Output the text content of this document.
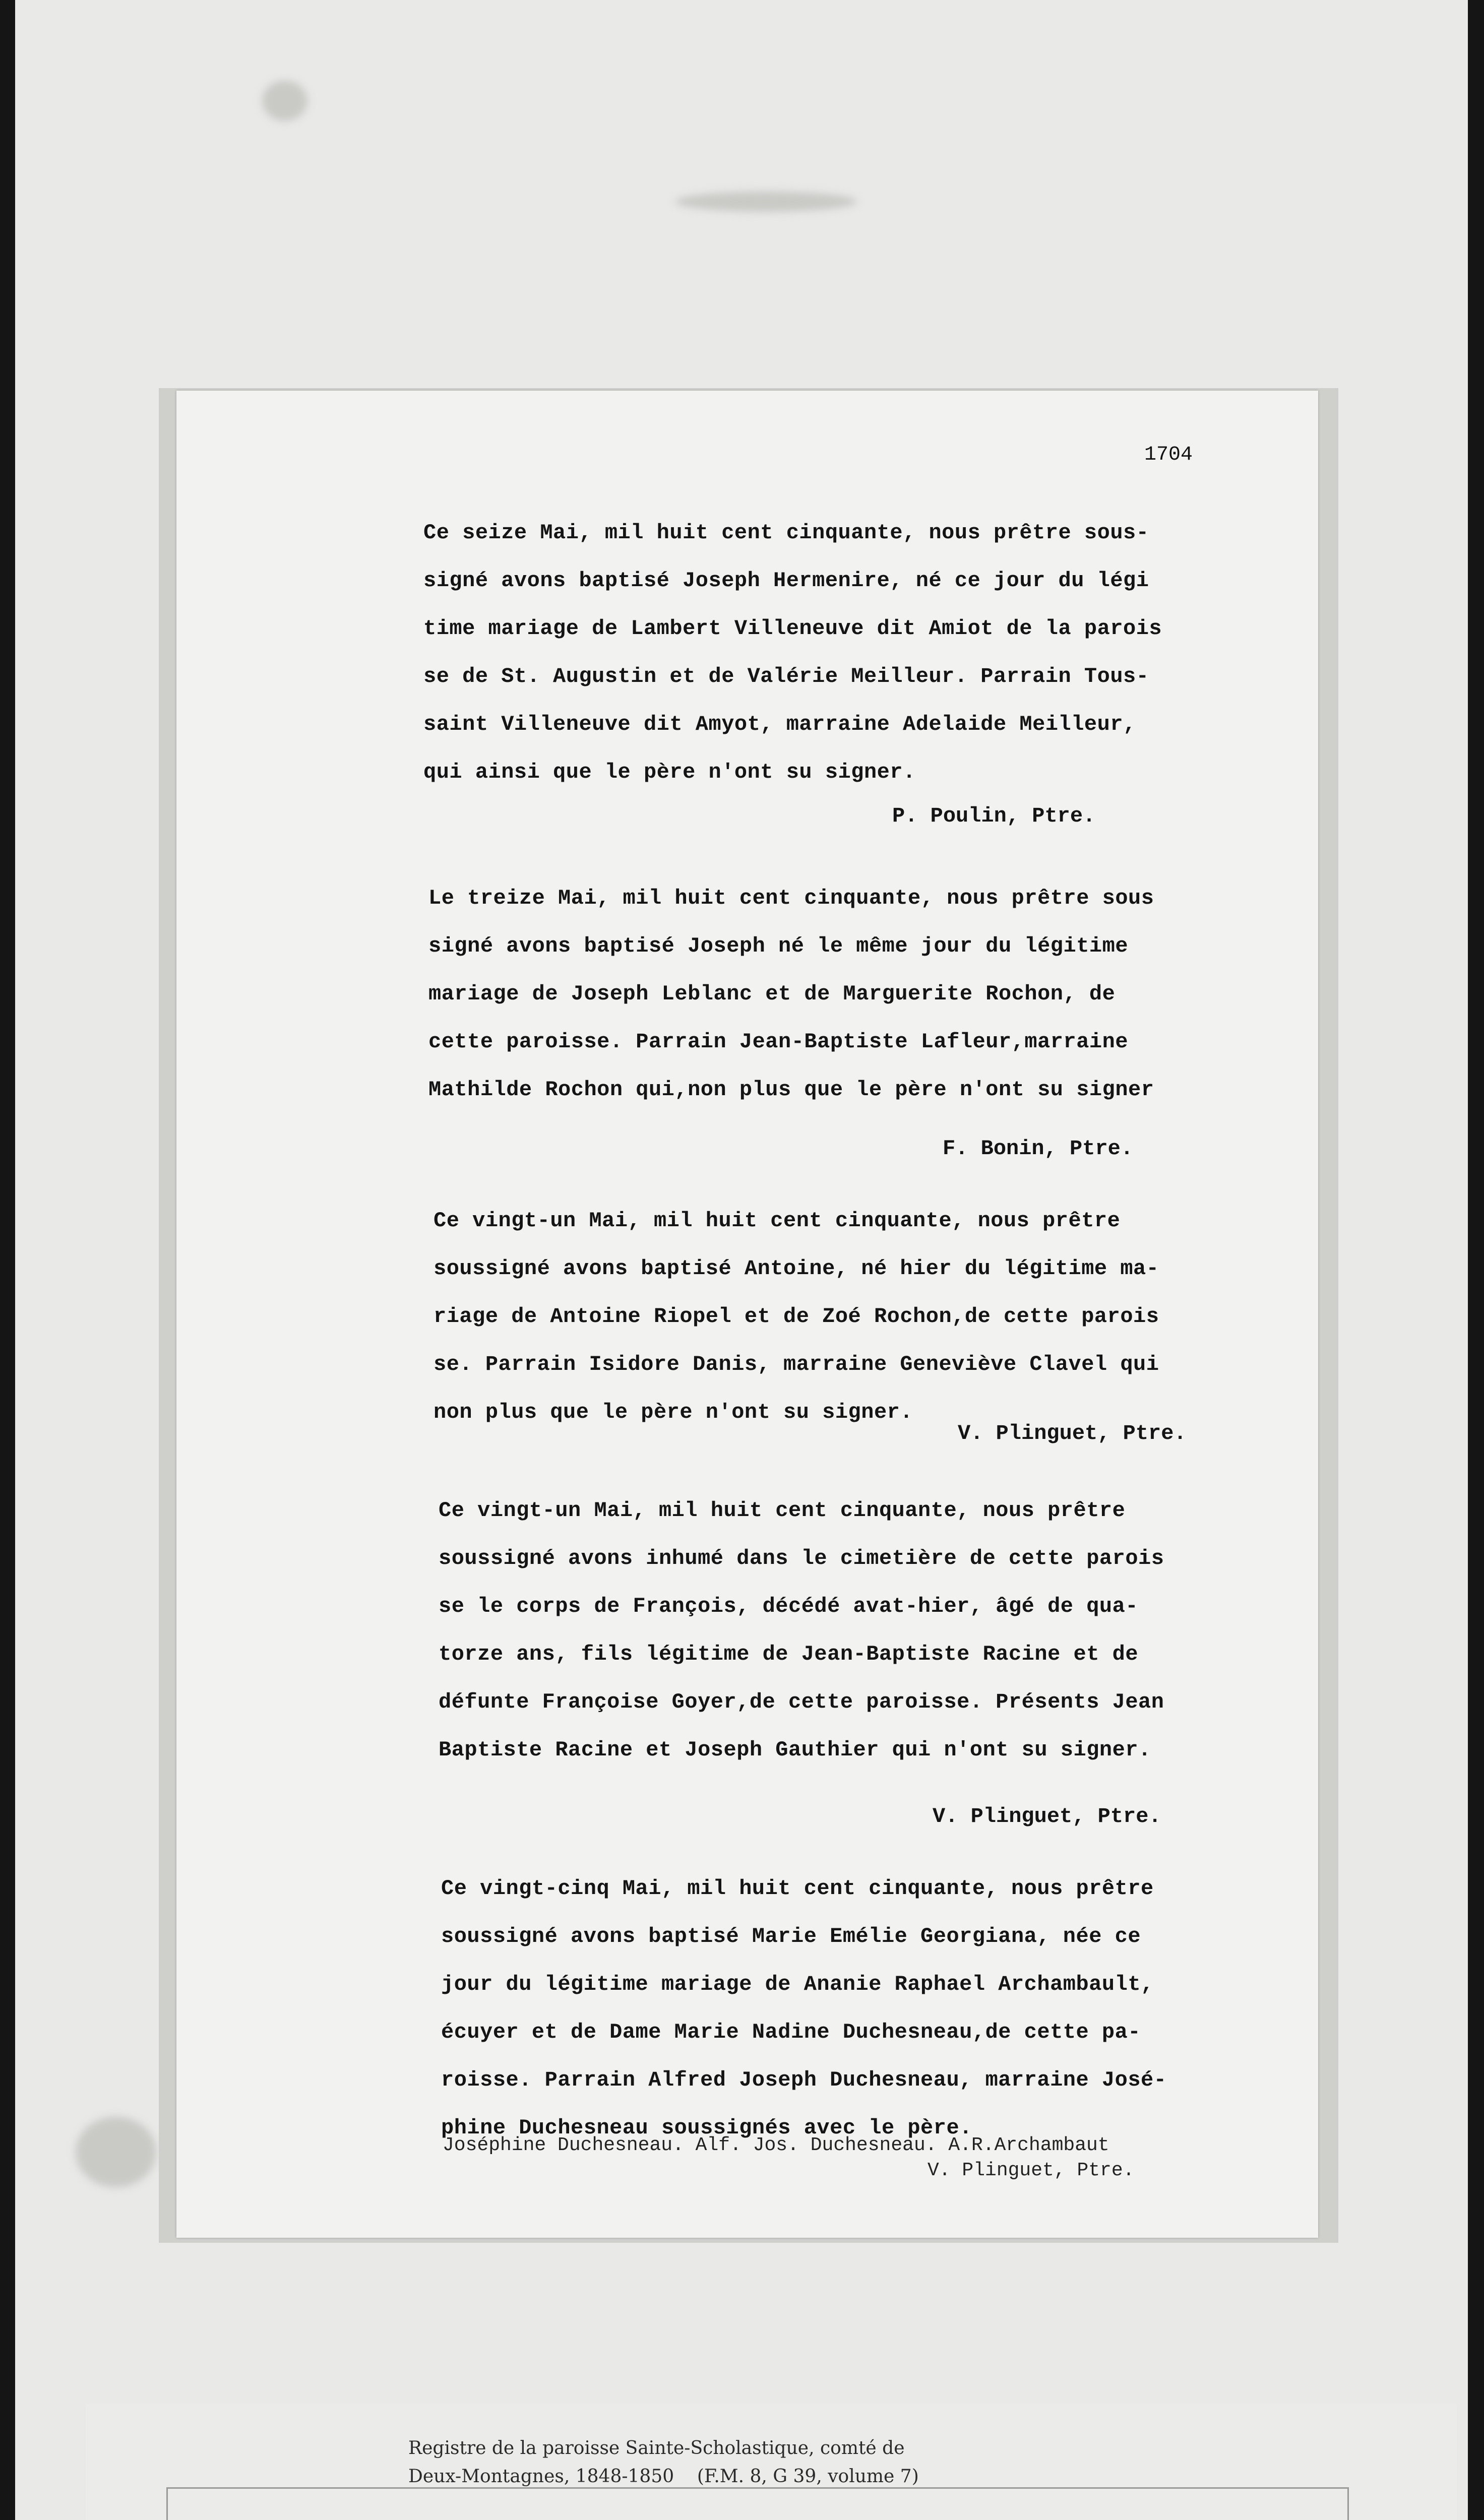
1704
Ce seize Mai, mil huit cent cinquante, nous prêtre sous-
signé avons baptisé Joseph Hermenire, né ce jour du légi
time mariage de Lambert Villeneuve dit Amiot de la parois
se de St. Augustin et de Valérie Meilleur. Parrain Tous-
saint Villeneuve dit Amyot, marraine Adelaide Meilleur,
qui ainsi que le père n'ont su signer.
P. Poulin, Ptre.
Le treize Mai, mil huit cent cinquante, nous prêtre sous
signé avons baptisé Joseph né le même jour du légitime
mariage de Joseph Leblanc et de Marguerite Rochon, de
cette paroisse. Parrain Jean-Baptiste Lafleur,marraine
Mathilde Rochon qui,non plus que le père n'ont su signer
F. Bonin, Ptre.
Ce vingt-un Mai, mil huit cent cinquante, nous prêtre
soussigné avons baptisé Antoine, né hier du légitime ma-
riage de Antoine Riopel et de Zoé Rochon,de cette parois
se. Parrain Isidore Danis, marraine Geneviève Clavel qui
non plus que le père n'ont su signer.
V. Plinguet, Ptre.
Ce vingt-un Mai, mil huit cent cinquante, nous prêtre
soussigné avons inhumé dans le cimetière de cette parois
se le corps de François, décédé avat-hier, âgé de qua-
torze ans, fils légitime de Jean-Baptiste Racine et de
défunte Françoise Goyer,de cette paroisse. Présents Jean
Baptiste Racine et Joseph Gauthier qui n'ont su signer.
V. Plinguet, Ptre.
Ce vingt-cinq Mai, mil huit cent cinquante, nous prêtre
soussigné avons baptisé Marie Emélie Georgiana, née ce
jour du légitime mariage de Ananie Raphael Archambault,
écuyer et de Dame Marie Nadine Duchesneau,de cette pa-
roisse. Parrain Alfred Joseph Duchesneau, marraine José-
phine Duchesneau soussignés avec le père.
Joséphine Duchesneau. Alf. Jos. Duchesneau. A.R.Archambaut
V. Plinguet, Ptre.
Registre de la paroisse Sainte-Scholastique, comté de
Deux-Montagnes, 1848-1850    (F.M. 8, G 39, volume 7)
